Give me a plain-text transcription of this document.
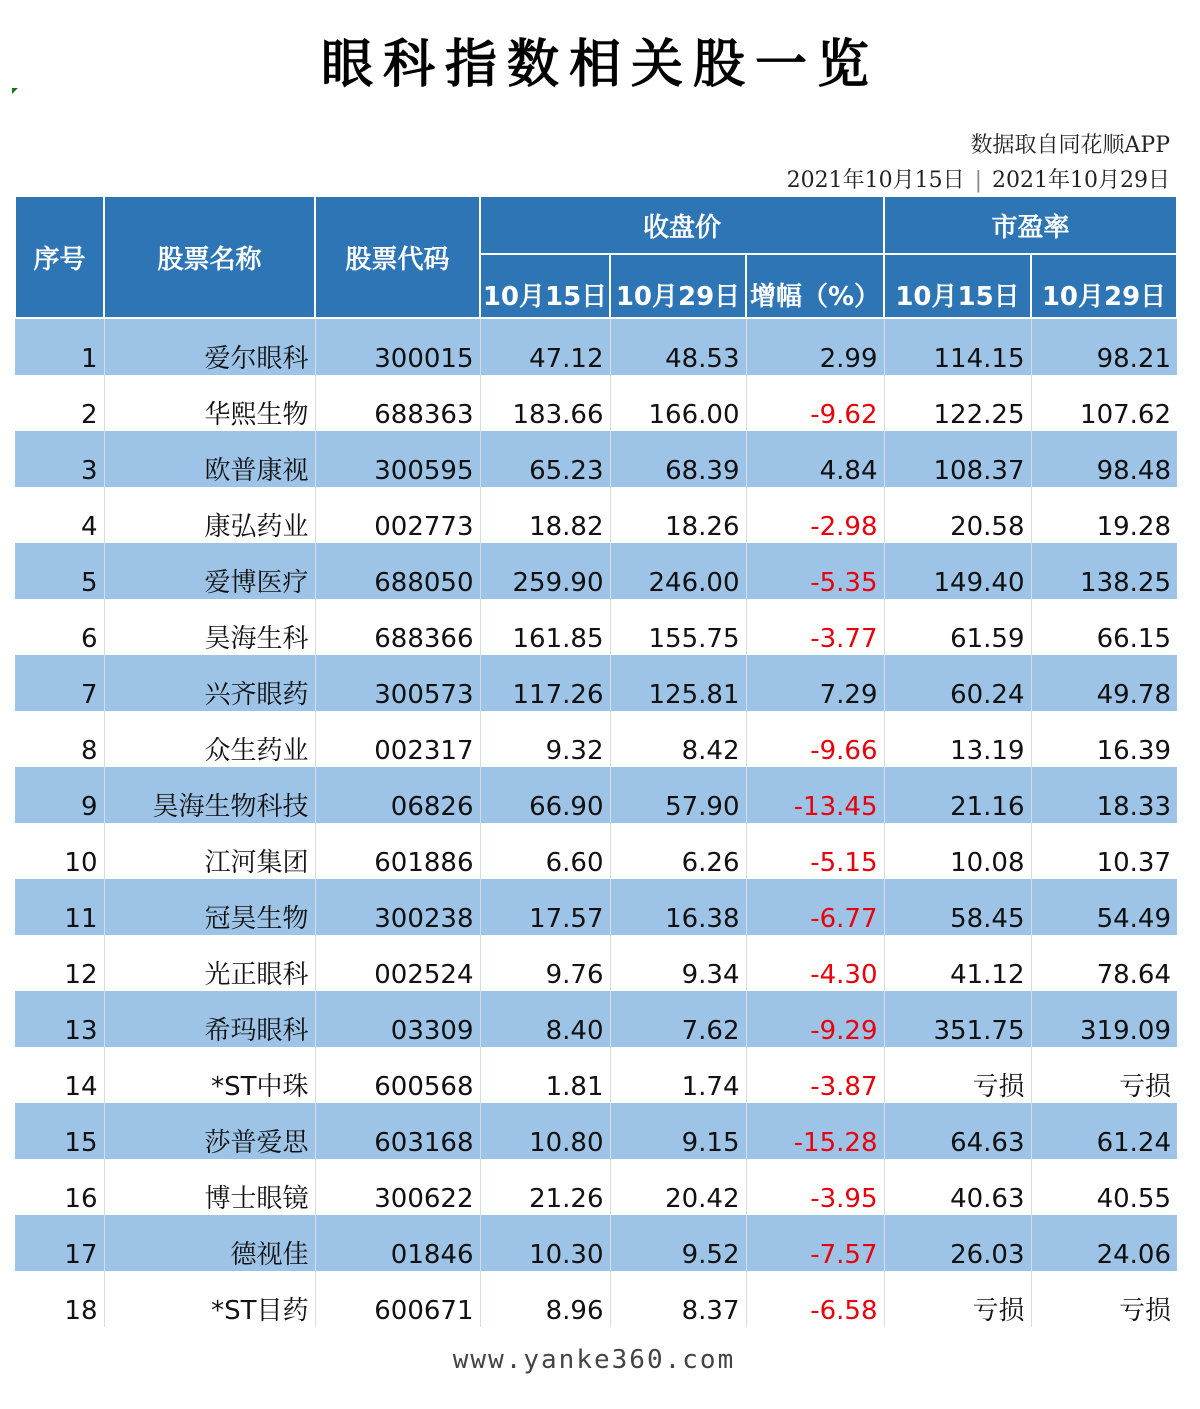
眼科指数相关股一览
数据取自同花顺APP
2021年10月15日 | 2021年10月29日
序号	股票名称	股票代码	收盘价			市盈率	
			10月15日	10月29日	增幅（%）	10月15日	10月29日
1	爱尔眼科	300015	47.12	48.53	2.99	114.15	98.21
2	华熙生物	688363	183.66	166.00	-9.62	122.25	107.62
3	欧普康视	300595	65.23	68.39	4.84	108.37	98.48
4	康弘药业	002773	18.82	18.26	-2.98	20.58	19.28
5	爱博医疗	688050	259.90	246.00	-5.35	149.40	138.25
6	昊海生科	688366	161.85	155.75	-3.77	61.59	66.15
7	兴齐眼药	300573	117.26	125.81	7.29	60.24	49.78
8	众生药业	002317	9.32	8.42	-9.66	13.19	16.39
9	昊海生物科技	06826	66.90	57.90	-13.45	21.16	18.33
10	江河集团	601886	6.60	6.26	-5.15	10.08	10.37
11	冠昊生物	300238	17.57	16.38	-6.77	58.45	54.49
12	光正眼科	002524	9.76	9.34	-4.30	41.12	78.64
13	希玛眼科	03309	8.40	7.62	-9.29	351.75	319.09
14	*ST中珠	600568	1.81	1.74	-3.87	亏损	亏损
15	莎普爱思	603168	10.80	9.15	-15.28	64.63	61.24
16	博士眼镜	300622	21.26	20.42	-3.95	40.63	40.55
17	德视佳	01846	10.30	9.52	-7.57	26.03	24.06
18	*ST目药	600671	8.96	8.37	-6.58	亏损	亏损
www.yanke360.com
